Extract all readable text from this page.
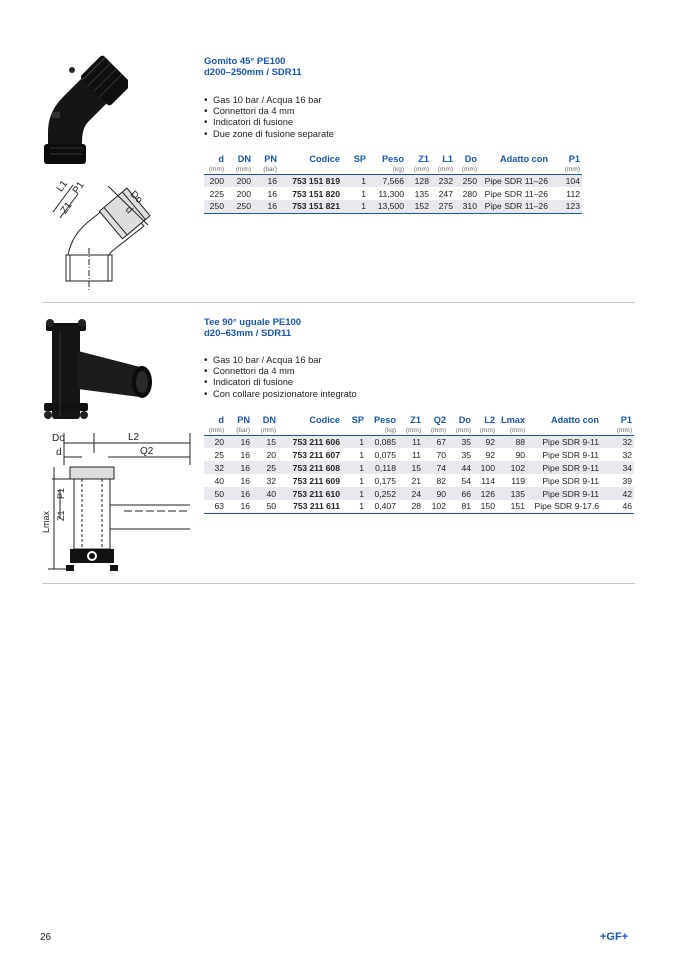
L1 P1
Z1
Do
d
Gomito 45° PE100
d200–250mm / SDR11
• Gas 10 bar / Acqua 16 bar
• Connettori da 4 mm
• Indicatori di fusione
• Due zone di fusione separate
d	DN	PN	Codice	SP	Peso	Z1	L1	Do	Adatto con	P1
(mm)	(mm)	(bar)			(kg)	(mm)	(mm)	(mm)		(mm)
200	200	16	753 151 819	1	7,566	128	232	250	Pipe SDR 11–26	104
225	200	16	753 151 820	1	11,300	135	247	280	Pipe SDR 11–26	112
250	250	16	753 151 821	1	13,500	152	275	310	Pipe SDR 11–26	123
Do
d
L2
Q2
P1
Z1
Lmax
Tee 90° uguale PE100
d20–63mm / SDR11
• Gas 10 bar / Acqua 16 bar
• Connettori da 4 mm
• Indicatori di fusione
• Con collare posizionatore integrato
d	PN	DN	Codice	SP	Peso	Z1	Q2	Do	L2	Lmax	Adatto con	P1
(mm)	(bar)	(mm)			(kg)	(mm)	(mm)	(mm)	(mm)	(mm)		(mm)
20	16	15	753 211 606	1	0,085	11	67	35	92	88	Pipe SDR 9-11	32
25	16	20	753 211 607	1	0,075	11	70	35	92	90	Pipe SDR 9-11	32
32	16	25	753 211 608	1	0,118	15	74	44	100	102	Pipe SDR 9-11	34
40	16	32	753 211 609	1	0,175	21	82	54	114	119	Pipe SDR 9-11	39
50	16	40	753 211 610	1	0,252	24	90	66	126	135	Pipe SDR 9-11	42
63	16	50	753 211 611	1	0,407	28	102	81	150	151	Pipe SDR 9-17.6	46
26	+GF+
